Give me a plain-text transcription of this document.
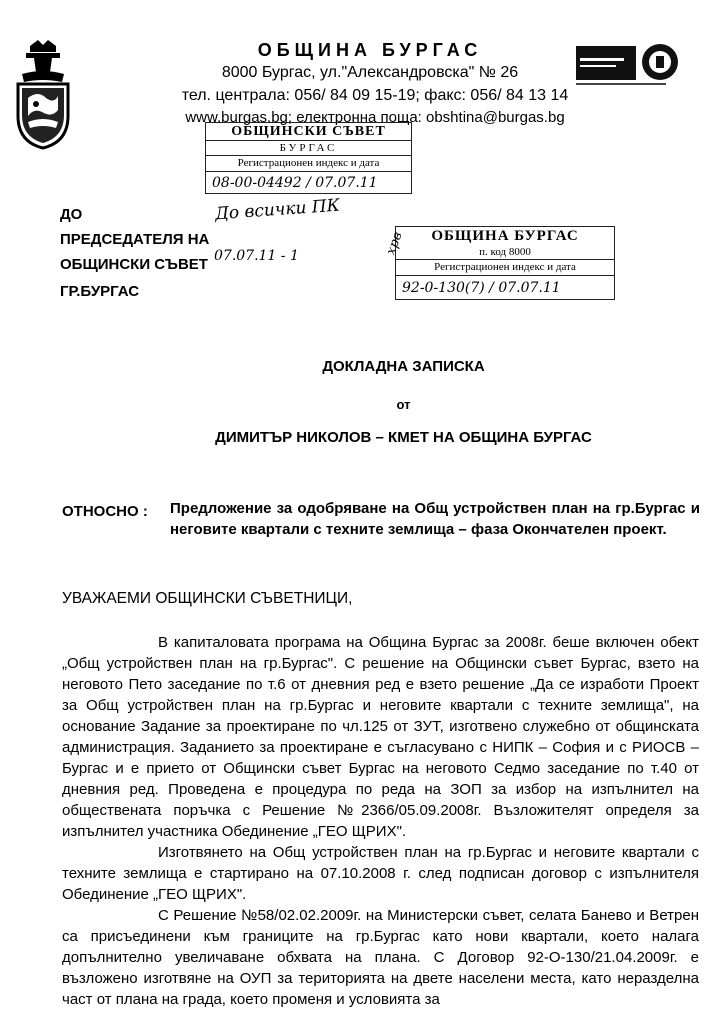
ОБЩИНА БУРГАС
8000 Бургас, ул."Александровска" № 26
тел. централа: 056/ 84 09 15-19; факс: 056/ 84 13 14
www.burgas.bg; електронна поща: obshtina@burgas.bg
ОБЩИНСКИ СЪВЕТ
БУРГАС
Регистрационен индекс и дата
08-00-04492 / 07.07.11
ОБЩИНА БУРГАС
п. код 8000
Регистрационен индекс и дата
92-0-130(7) / 07.07.11
До всички ПК
07.07.11 - 1	хрв
ДО
ПРЕДСЕДАТЕЛЯ НА
ОБЩИНСКИ СЪВЕТ
ГР.БУРГАС
ДОКЛАДНА ЗАПИСКА
от
ДИМИТЪР НИКОЛОВ – КМЕТ НА ОБЩИНА БУРГАС
ОТНОСНО : Предложение за одобряване на Общ устройствен план на гр.Бургас и неговите квартали с техните землища – фаза Окончателен проект.
УВАЖАЕМИ ОБЩИНСКИ СЪВЕТНИЦИ,

В капиталовата програма на Община Бургас за 2008г. беше включен обект „Общ устройствен план на гр.Бургас". С решение на Общински съвет Бургас, взето на неговото Пето заседание по т.6 от дневния ред е взето решение „Да се изработи Проект за Общ устройствен план на гр.Бургас и неговите квартали с техните землища", на основание Задание за проектиране по чл.125 от ЗУТ, изготвено служебно от общинската администрация. Заданието за проектиране е съгласувано с НИПК – София и с РИОСВ – Бургас и е прието от Общински съвет Бургас на неговото Седмо заседание по т.40 от дневния ред. Проведена е процедура по реда на ЗОП за избор на изпълнител на обществената поръчка с Решение №2366/05.09.2008г. Възложителят определя за изпълнител участника Обединение „ГЕО ЩРИХ".

Изготвянето на Общ устройствен план на гр.Бургас и неговите квартали с техните землища е стартирано на 07.10.2008 г. след подписан договор с изпълнителя Обединение „ГЕО ЩРИХ".

С Решение №58/02.02.2009г. на Министерски съвет, селата Банево и Ветрен са присъединени към границите на гр.Бургас като нови квартали, което налага допълнително увеличаване обхвата на плана. С Договор 92-О-130/21.04.2009г. е възложено изготвяне на ОУП за територията на двете населени места, като неразделна част от плана на града, което променя и условията за
